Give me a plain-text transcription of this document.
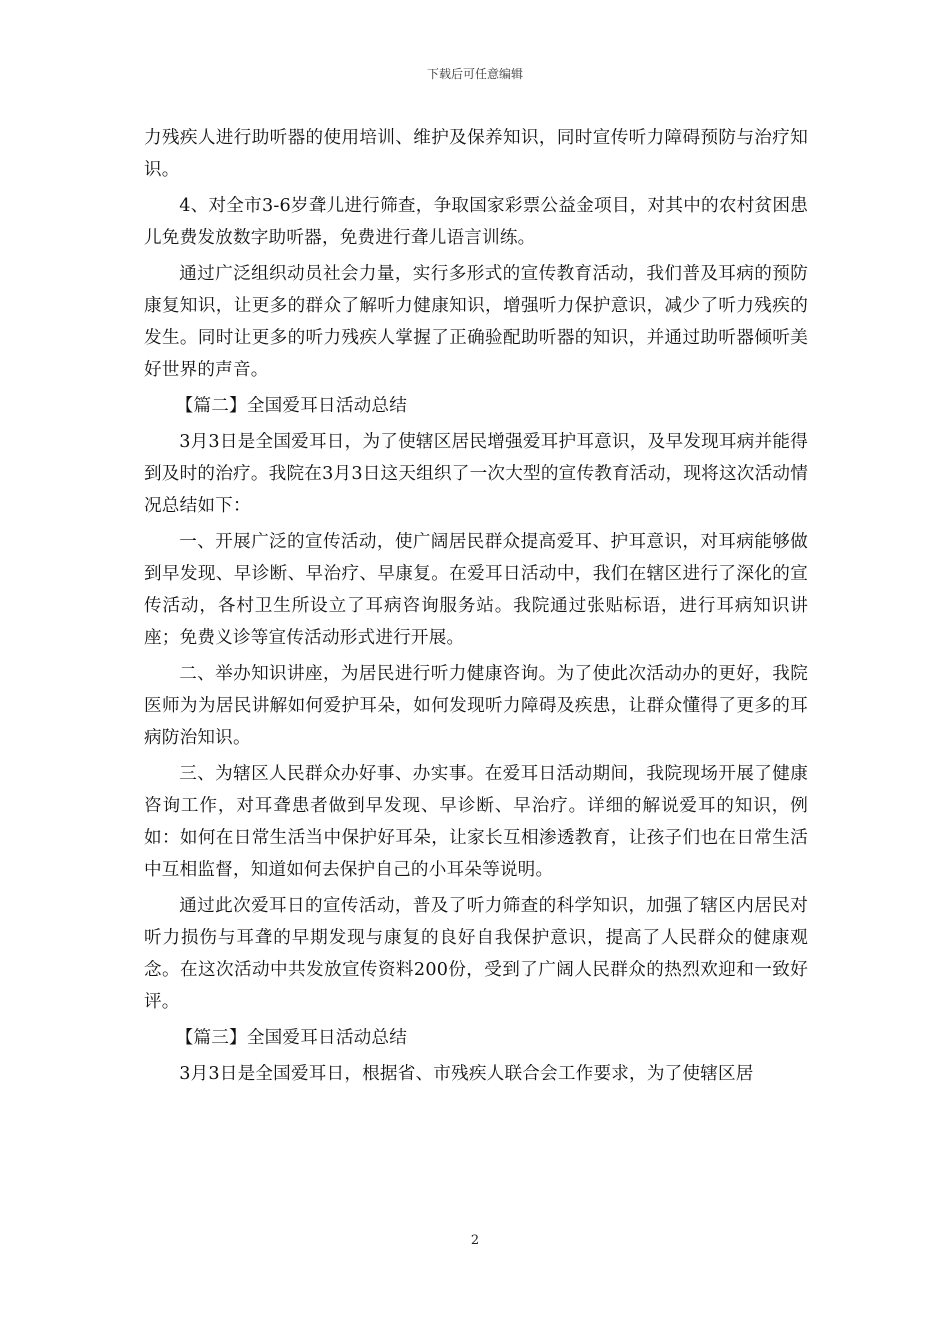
下载后可任意编辑

力残疾人进行助听器的使用培训、维护及保养知识，同时宣传听力障碍预防与治疗知识。

4、对全市3-6岁聋儿进行筛查，争取国家彩票公益金项目，对其中的农村贫困患儿免费发放数字助听器，免费进行聋儿语言训练。

通过广泛组织动员社会力量，实行多形式的宣传教育活动，我们普及耳病的预防康复知识，让更多的群众了解听力健康知识，增强听力保护意识，减少了听力残疾的发生。同时让更多的听力残疾人掌握了正确验配助听器的知识，并通过助听器倾听美好世界的声音。

【篇二】全国爱耳日活动总结

3月3日是全国爱耳日，为了使辖区居民增强爱耳护耳意识，及早发现耳病并能得到及时的治疗。我院在3月3日这天组织了一次大型的宣传教育活动，现将这次活动情况总结如下：

一、开展广泛的宣传活动，使广阔居民群众提高爱耳、护耳意识，对耳病能够做到早发现、早诊断、早治疗、早康复。在爱耳日活动中，我们在辖区进行了深化的宣传活动，各村卫生所设立了耳病咨询服务站。我院通过张贴标语，进行耳病知识讲座；免费义诊等宣传活动形式进行开展。

二、举办知识讲座，为居民进行听力健康咨询。为了使此次活动办的更好，我院医师为为居民讲解如何爱护耳朵，如何发现听力障碍及疾患，让群众懂得了更多的耳病防治知识。

三、为辖区人民群众办好事、办实事。在爱耳日活动期间，我院现场开展了健康咨询工作，对耳聋患者做到早发现、早诊断、早治疗。详细的解说爱耳的知识，例如：如何在日常生活当中保护好耳朵，让家长互相渗透教育，让孩子们也在日常生活中互相监督，知道如何去保护自己的小耳朵等说明。

通过此次爱耳日的宣传活动，普及了听力筛查的科学知识，加强了辖区内居民对听力损伤与耳聋的早期发现与康复的良好自我保护意识，提高了人民群众的健康观念。在这次活动中共发放宣传资料200份，受到了广阔人民群众的热烈欢迎和一致好评。

【篇三】全国爱耳日活动总结

3月3日是全国爱耳日，根据省、市残疾人联合会工作要求，为了使辖区居

2
